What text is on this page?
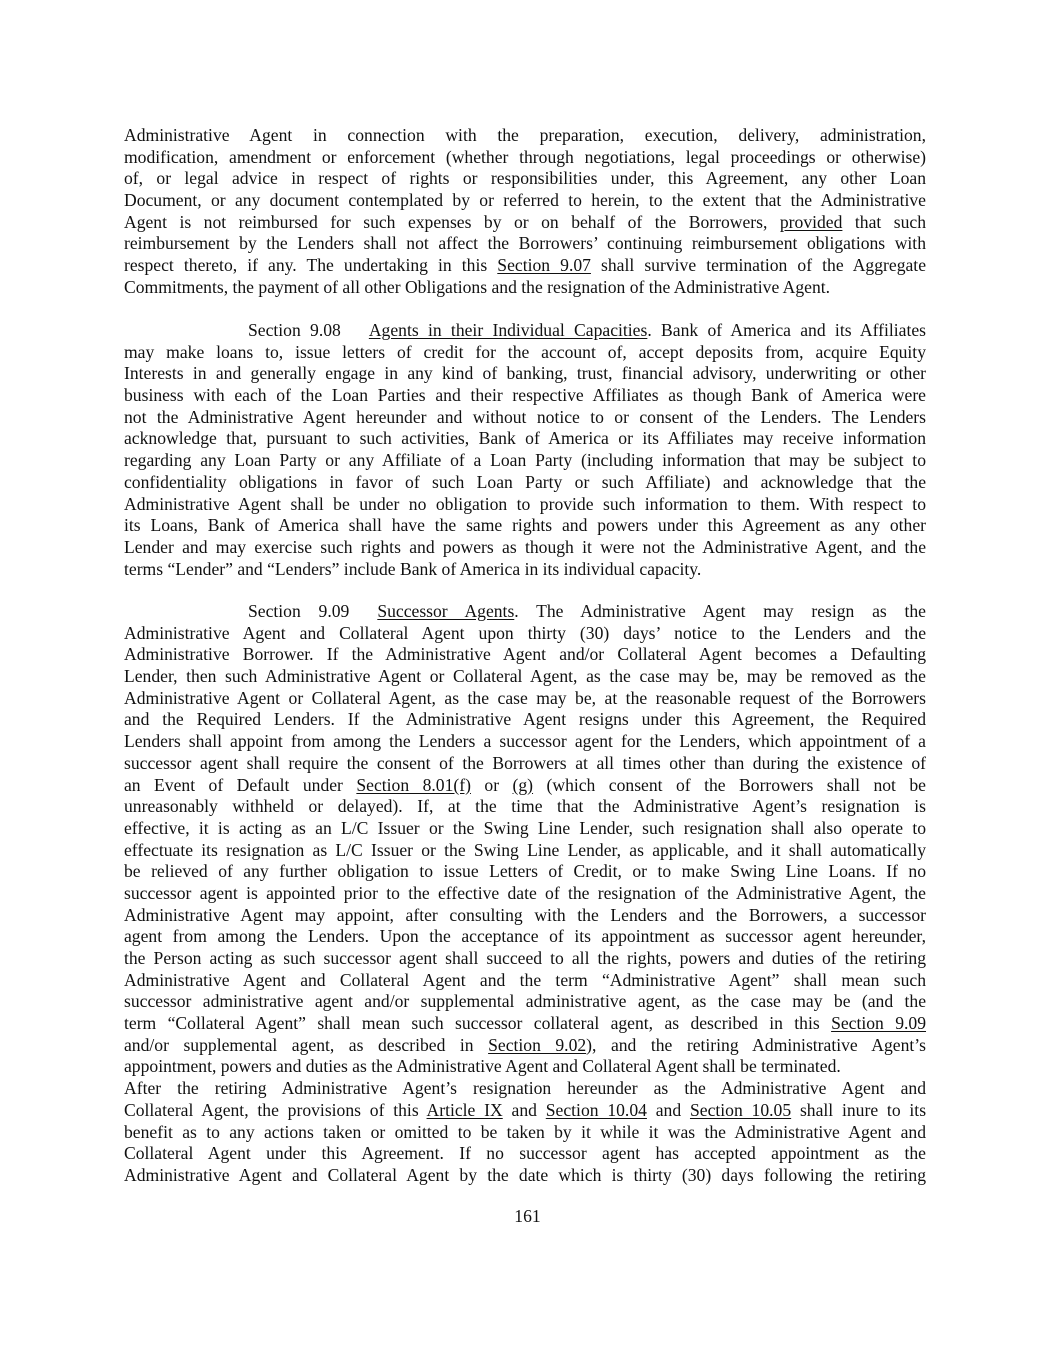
Administrative Agent in connection with the preparation, execution, delivery, administration,
modification, amendment or enforcement (whether through negotiations, legal proceedings or otherwise)
of, or legal advice in respect of rights or responsibilities under, this Agreement, any other Loan
Document, or any document contemplated by or referred to herein, to the extent that the Administrative
Agent is not reimbursed for such expenses by or on behalf of the Borrowers, provided that such
reimbursement by the Lenders shall not affect the Borrowers’ continuing reimbursement obligations with
respect thereto, if any. The undertaking in this Section 9.07 shall survive termination of the Aggregate
Commitments, the payment of all other Obligations and the resignation of the Administrative Agent.
Section 9.08 Agents in their Individual Capacities. Bank of America and its Affiliates
may make loans to, issue letters of credit for the account of, accept deposits from, acquire Equity
Interests in and generally engage in any kind of banking, trust, financial advisory, underwriting or other
business with each of the Loan Parties and their respective Affiliates as though Bank of America were
not the Administrative Agent hereunder and without notice to or consent of the Lenders. The Lenders
acknowledge that, pursuant to such activities, Bank of America or its Affiliates may receive information
regarding any Loan Party or any Affiliate of a Loan Party (including information that may be subject to
confidentiality obligations in favor of such Loan Party or such Affiliate) and acknowledge that the
Administrative Agent shall be under no obligation to provide such information to them. With respect to
its Loans, Bank of America shall have the same rights and powers under this Agreement as any other
Lender and may exercise such rights and powers as though it were not the Administrative Agent, and the
terms “Lender” and “Lenders” include Bank of America in its individual capacity.
Section 9.09 Successor Agents. The Administrative Agent may resign as the
Administrative Agent and Collateral Agent upon thirty (30) days’ notice to the Lenders and the
Administrative Borrower. If the Administrative Agent and/or Collateral Agent becomes a Defaulting
Lender, then such Administrative Agent or Collateral Agent, as the case may be, may be removed as the
Administrative Agent or Collateral Agent, as the case may be, at the reasonable request of the Borrowers
and the Required Lenders. If the Administrative Agent resigns under this Agreement, the Required
Lenders shall appoint from among the Lenders a successor agent for the Lenders, which appointment of a
successor agent shall require the consent of the Borrowers at all times other than during the existence of
an Event of Default under Section 8.01(f) or (g) (which consent of the Borrowers shall not be
unreasonably withheld or delayed). If, at the time that the Administrative Agent’s resignation is
effective, it is acting as an L/C Issuer or the Swing Line Lender, such resignation shall also operate to
effectuate its resignation as L/C Issuer or the Swing Line Lender, as applicable, and it shall automatically
be relieved of any further obligation to issue Letters of Credit, or to make Swing Line Loans. If no
successor agent is appointed prior to the effective date of the resignation of the Administrative Agent, the
Administrative Agent may appoint, after consulting with the Lenders and the Borrowers, a successor
agent from among the Lenders. Upon the acceptance of its appointment as successor agent hereunder,
the Person acting as such successor agent shall succeed to all the rights, powers and duties of the retiring
Administrative Agent and Collateral Agent and the term “Administrative Agent” shall mean such
successor administrative agent and/or supplemental administrative agent, as the case may be (and the
term “Collateral Agent” shall mean such successor collateral agent, as described in this Section 9.09
and/or supplemental agent, as described in Section 9.02), and the retiring Administrative Agent’s
appointment, powers and duties as the Administrative Agent and Collateral Agent shall be terminated.
After the retiring Administrative Agent’s resignation hereunder as the Administrative Agent and
Collateral Agent, the provisions of this Article IX and Section 10.04 and Section 10.05 shall inure to its
benefit as to any actions taken or omitted to be taken by it while it was the Administrative Agent and
Collateral Agent under this Agreement. If no successor agent has accepted appointment as the
Administrative Agent and Collateral Agent by the date which is thirty (30) days following the retiring
161
